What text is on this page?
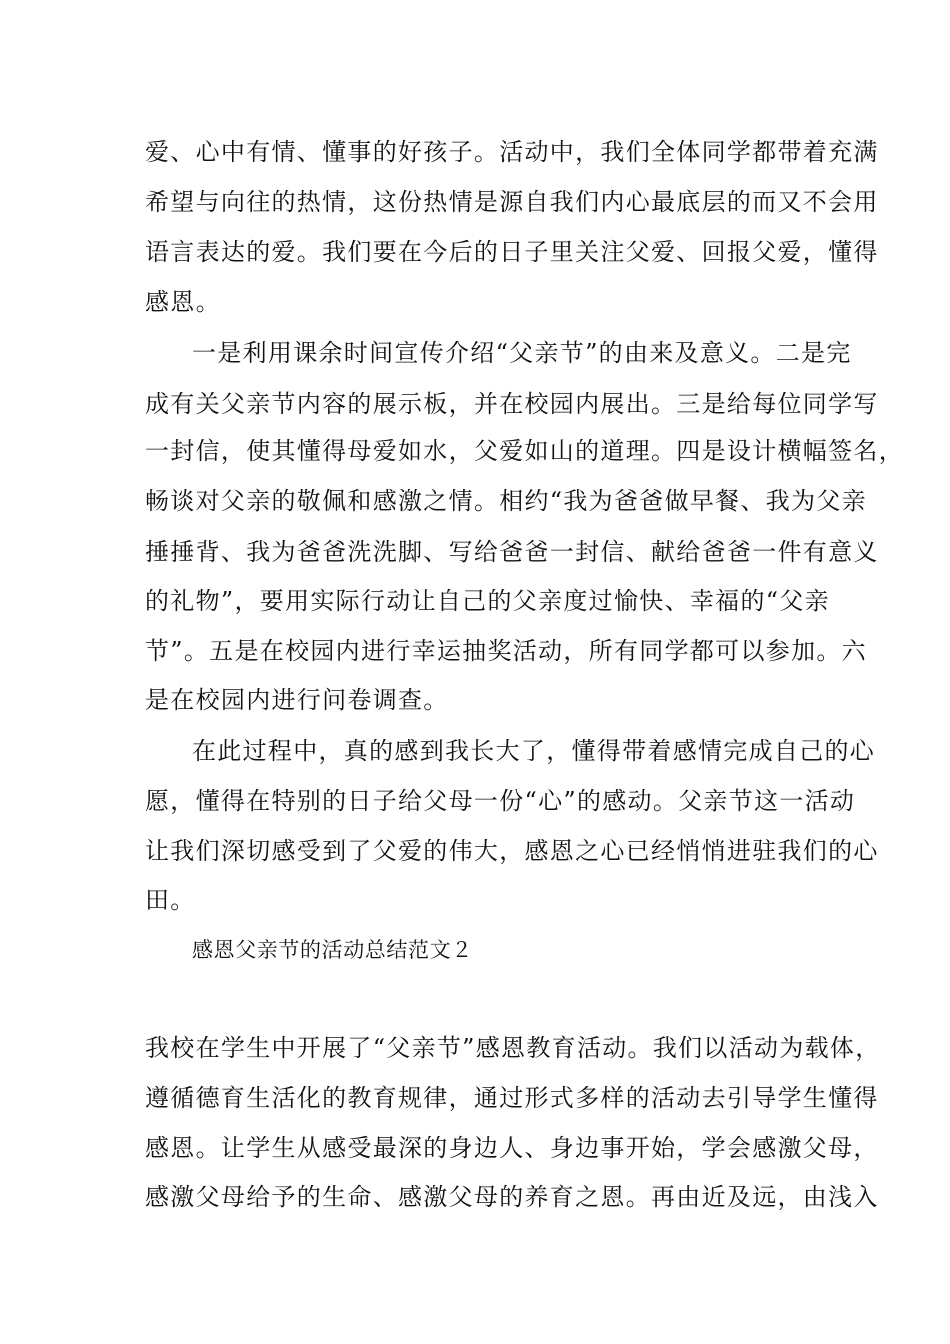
爱、心中有情、懂事的好孩子。活动中，我们全体同学都带着充满
希望与向往的热情，这份热情是源自我们内心最底层的而又不会用
语言表达的爱。我们要在今后的日子里关注父爱、回报父爱，懂得
感恩。
一是利用课余时间宣传介绍“父亲节”的由来及意义。二是完
成有关父亲节内容的展示板，并在校园内展出。三是给每位同学写
一封信，使其懂得母爱如水，父爱如山的道理。四是设计横幅签名，
畅谈对父亲的敬佩和感激之情。相约“我为爸爸做早餐、我为父亲
捶捶背、我为爸爸洗洗脚、写给爸爸一封信、献给爸爸一件有意义
的礼物”，要用实际行动让自己的父亲度过愉快、幸福的“父亲
节”。五是在校园内进行幸运抽奖活动，所有同学都可以参加。六
是在校园内进行问卷调查。
在此过程中，真的感到我长大了，懂得带着感情完成自己的心
愿，懂得在特别的日子给父母一份“心”的感动。父亲节这一活动
让我们深切感受到了父爱的伟大，感恩之心已经悄悄进驻我们的心
田。
感恩父亲节的活动总结范文２
我校在学生中开展了“父亲节”感恩教育活动。我们以活动为载体，
遵循德育生活化的教育规律，通过形式多样的活动去引导学生懂得
感恩。让学生从感受最深的身边人、身边事开始，学会感激父母，
感激父母给予的生命、感激父母的养育之恩。再由近及远，由浅入
